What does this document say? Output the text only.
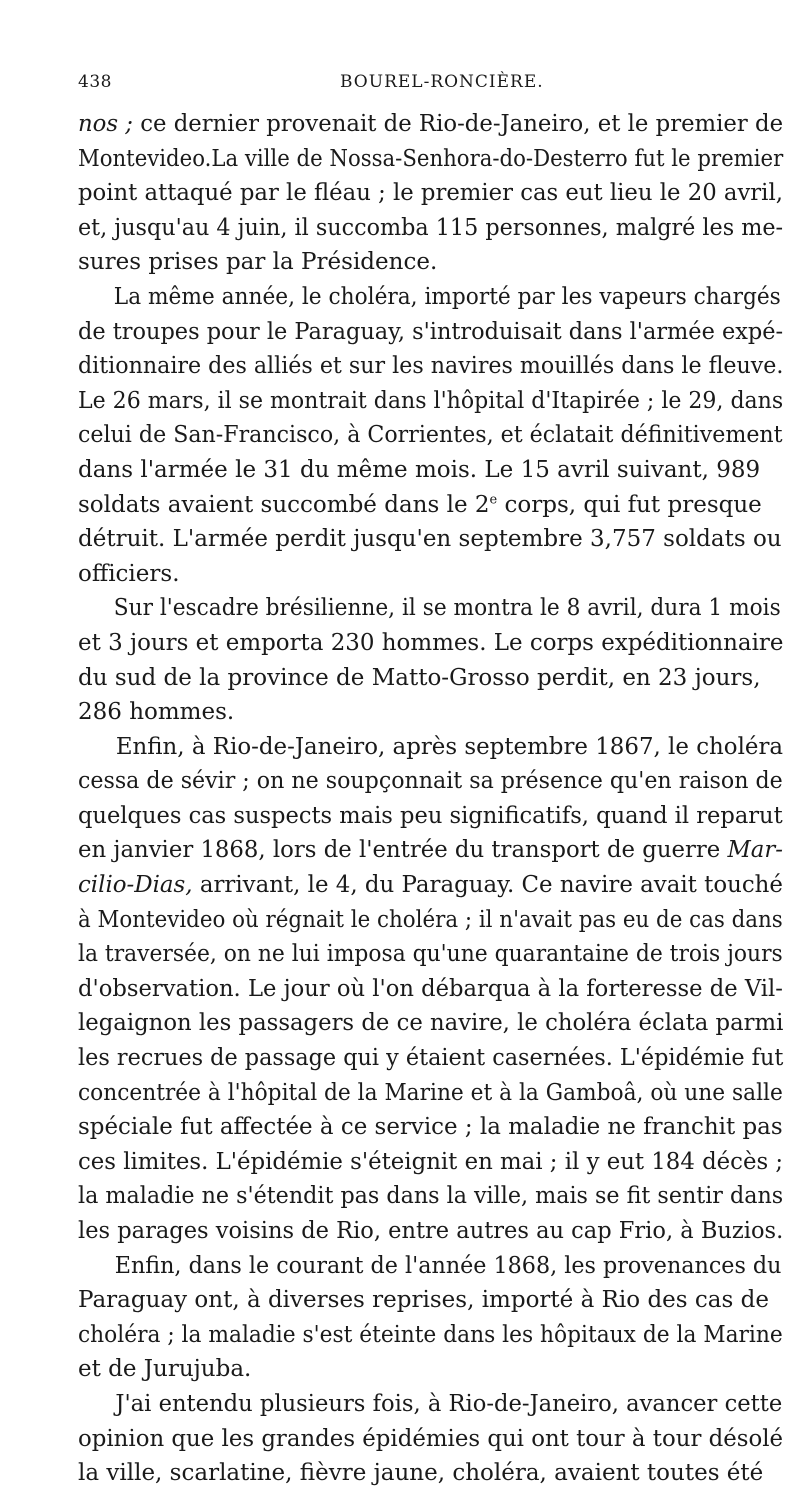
438	BOUREL-RONCIÈRE.
nos ; ce dernier provenait de Rio-de-Janeiro, et le premier de
Montevideo.La ville de Nossa-Senhora-do-Desterro fut le premier
point attaqué par le fléau ; le premier cas eut lieu le 20 avril,
et, jusqu'au 4 juin, il succomba 115 personnes, malgré les me-
sures prises par la Présidence.
La même année, le choléra, importé par les vapeurs chargés
de troupes pour le Paraguay, s'introduisait dans l'armée expé-
ditionnaire des alliés et sur les navires mouillés dans le fleuve.
Le 26 mars, il se montrait dans l'hôpital d'Itapirée ; le 29, dans
celui de San-Francisco, à Corrientes, et éclatait définitivement
dans l'armée le 31 du même mois. Le 15 avril suivant, 989
soldats avaient succombé dans le 2e corps, qui fut presque
détruit. L'armée perdit jusqu'en septembre 3,757 soldats ou
officiers.
Sur l'escadre brésilienne, il se montra le 8 avril, dura 1 mois
et 3 jours et emporta 230 hommes. Le corps expéditionnaire
du sud de la province de Matto-Grosso perdit, en 23 jours,
286 hommes.
Enfin, à Rio-de-Janeiro, après septembre 1867, le choléra
cessa de sévir ; on ne soupçonnait sa présence qu'en raison de
quelques cas suspects mais peu significatifs, quand il reparut
en janvier 1868, lors de l'entrée du transport de guerre Mar-
cilio-Dias, arrivant, le 4, du Paraguay. Ce navire avait touché
à Montevideo où régnait le choléra ; il n'avait pas eu de cas dans
la traversée, on ne lui imposa qu'une quarantaine de trois jours
d'observation. Le jour où l'on débarqua à la forteresse de Vil-
legaignon les passagers de ce navire, le choléra éclata parmi
les recrues de passage qui y étaient casernées. L'épidémie fut
concentrée à l'hôpital de la Marine et à la Gamboâ, où une salle
spéciale fut affectée à ce service ; la maladie ne franchit pas
ces limites. L'épidémie s'éteignit en mai ; il y eut 184 décès ;
la maladie ne s'étendit pas dans la ville, mais se fit sentir dans
les parages voisins de Rio, entre autres au cap Frio, à Buzios.
Enfin, dans le courant de l'année 1868, les provenances du
Paraguay ont, à diverses reprises, importé à Rio des cas de
choléra ; la maladie s'est éteinte dans les hôpitaux de la Marine
et de Jurujuba.
J'ai entendu plusieurs fois, à Rio-de-Janeiro, avancer cette
opinion que les grandes épidémies qui ont tour à tour désolé
la ville, scarlatine, fièvre jaune, choléra, avaient toutes été
